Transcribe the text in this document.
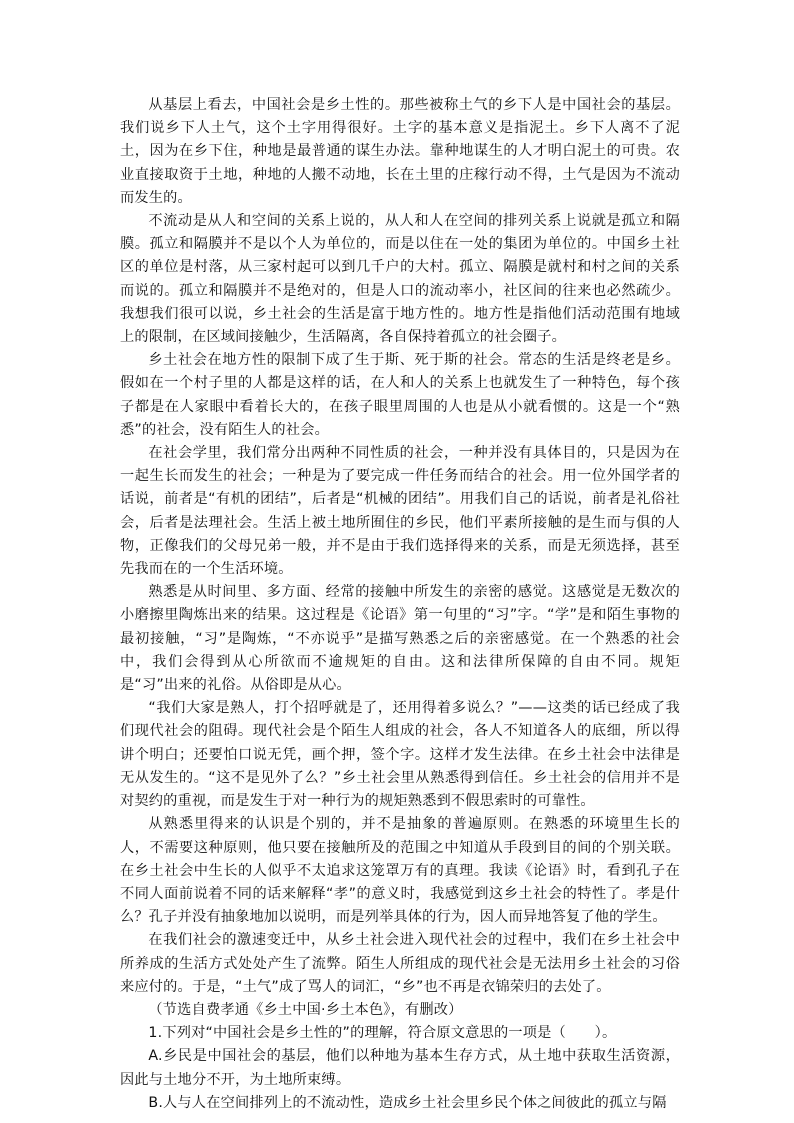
从基层上看去，中国社会是乡土性的。那些被称土气的乡下人是中国社会的基层。我们说乡下人土气，这个土字用得很好。土字的基本意义是指泥土。乡下人离不了泥土，因为在乡下住，种地是最普通的谋生办法。靠种地谋生的人才明白泥土的可贵。农业直接取资于土地，种地的人搬不动地，长在土里的庄稼行动不得，土气是因为不流动而发生的。

不流动是从人和空间的关系上说的，从人和人在空间的排列关系上说就是孤立和隔膜。孤立和隔膜并不是以个人为单位的，而是以住在一处的集团为单位的。中国乡土社区的单位是村落，从三家村起可以到几千户的大村。孤立、隔膜是就村和村之间的关系而说的。孤立和隔膜并不是绝对的，但是人口的流动率小，社区间的往来也必然疏少。我想我们很可以说，乡土社会的生活是富于地方性的。地方性是指他们活动范围有地域上的限制，在区域间接触少，生活隔离，各自保持着孤立的社会圈子。

乡土社会在地方性的限制下成了生于斯、死于斯的社会。常态的生活是终老是乡。假如在一个村子里的人都是这样的话，在人和人的关系上也就发生了一种特色，每个孩子都是在人家眼中看着长大的，在孩子眼里周围的人也是从小就看惯的。这是一个“熟悉”的社会，没有陌生人的社会。

在社会学里，我们常分出两种不同性质的社会，一种并没有具体目的，只是因为在一起生长而发生的社会；一种是为了要完成一件任务而结合的社会。用一位外国学者的话说，前者是“有机的团结”，后者是“机械的团结”。用我们自己的话说，前者是礼俗社会，后者是法理社会。生活上被土地所囿住的乡民，他们平素所接触的是生而与俱的人物，正像我们的父母兄弟一般，并不是由于我们选择得来的关系，而是无须选择，甚至先我而在的一个生活环境。

熟悉是从时间里、多方面、经常的接触中所发生的亲密的感觉。这感觉是无数次的小磨擦里陶炼出来的结果。这过程是《论语》第一句里的“习”字。“学”是和陌生事物的最初接触，“习”是陶炼，“不亦说乎”是描写熟悉之后的亲密感觉。在一个熟悉的社会中，我们会得到从心所欲而不逾规矩的自由。这和法律所保障的自由不同。规矩是“习”出来的礼俗。从俗即是从心。

“我们大家是熟人，打个招呼就是了，还用得着多说么？”——这类的话已经成了我们现代社会的阻碍。现代社会是个陌生人组成的社会，各人不知道各人的底细，所以得讲个明白；还要怕口说无凭，画个押，签个字。这样才发生法律。在乡土社会中法律是无从发生的。“这不是见外了么？”乡土社会里从熟悉得到信任。乡土社会的信用并不是对契约的重视，而是发生于对一种行为的规矩熟悉到不假思索时的可靠性。

从熟悉里得来的认识是个别的，并不是抽象的普遍原则。在熟悉的环境里生长的人，不需要这种原则，他只要在接触所及的范围之中知道从手段到目的间的个别关联。在乡土社会中生长的人似乎不太追求这笼罩万有的真理。我读《论语》时，看到孔子在不同人面前说着不同的话来解释“孝”的意义时，我感觉到这乡土社会的特性了。孝是什么？孔子并没有抽象地加以说明，而是列举具体的行为，因人而异地答复了他的学生。

在我们社会的激速变迁中，从乡土社会进入现代社会的过程中，我们在乡土社会中所养成的生活方式处处产生了流弊。陌生人所组成的现代社会是无法用乡土社会的习俗来应付的。于是，“土气”成了骂人的词汇，“乡”也不再是衣锦荣归的去处了。

（节选自费孝通《乡土中国·乡土本色》，有删改）

1.下列对“中国社会是乡土性的”的理解，符合原文意思的一项是（　　）。

A.乡民是中国社会的基层，他们以种地为基本生存方式，从土地中获取生活资源，因此与土地分不开，为土地所束缚。

B.人与人在空间排列上的不流动性，造成乡土社会里乡民个体之间彼此的孤立与隔
